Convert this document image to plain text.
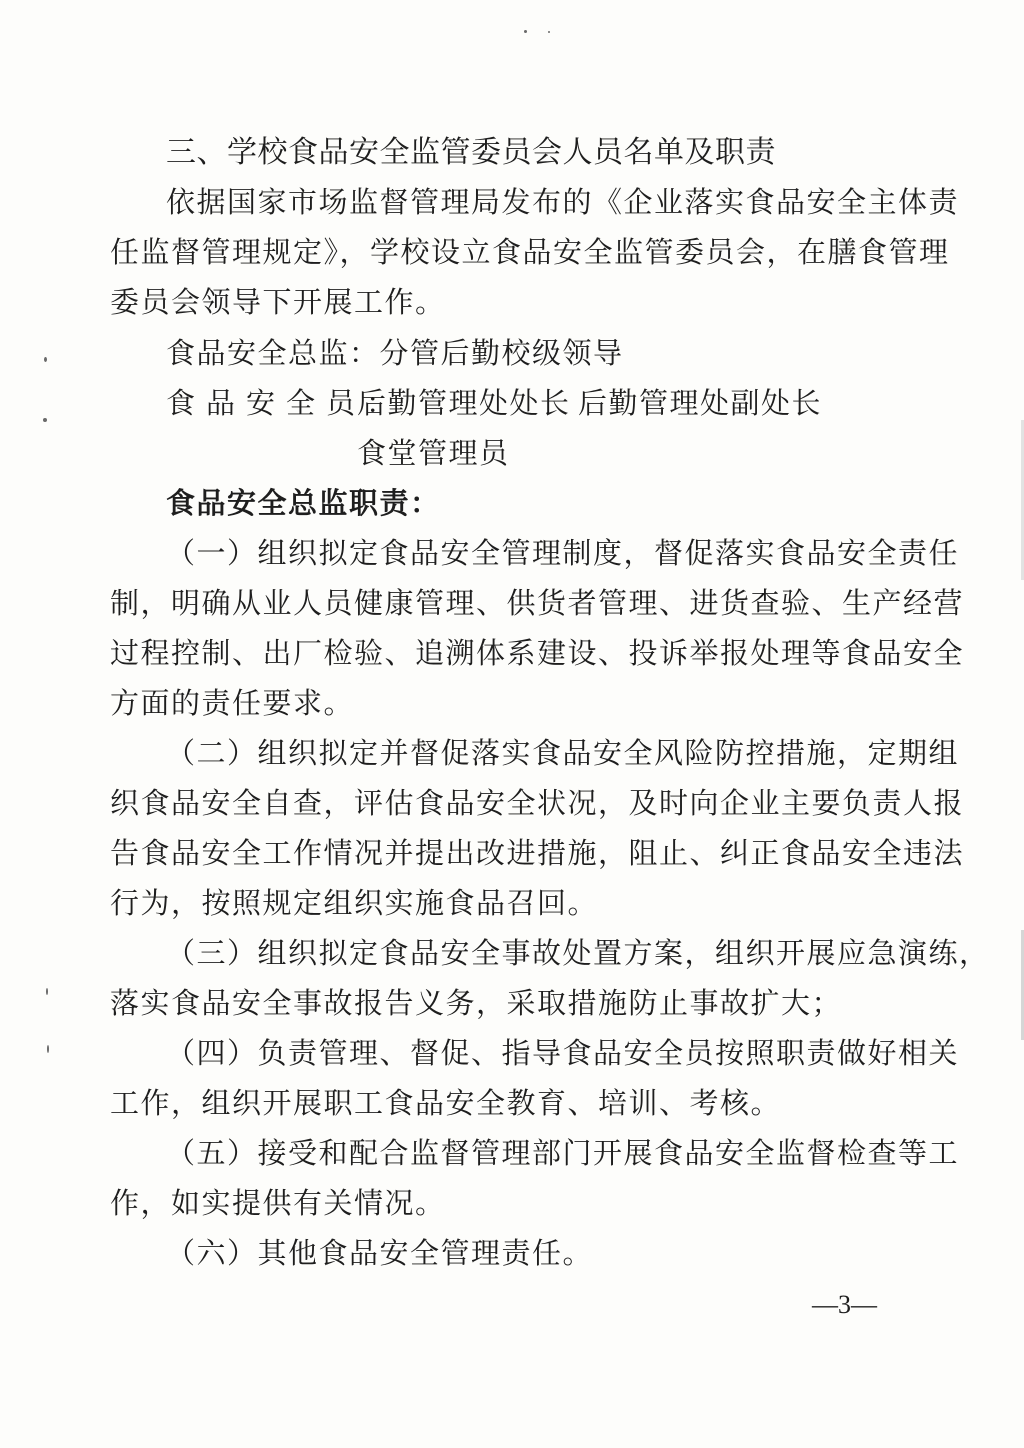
三、学校食品安全监管委员会人员名单及职责
依据国家市场监督管理局发布的《企业落实食品安全主体责
任监督管理规定》，学校设立食品安全监管委员会，在膳食管理
委员会领导下开展工作。
食品安全总监：分管后勤校级领导
食品安全员：
后勤管理处处长 后勤管理处副处长
食堂管理员
食品安全总监职责：
（一）组织拟定食品安全管理制度，督促落实食品安全责任
制，明确从业人员健康管理、供货者管理、进货查验、生产经营
过程控制、出厂检验、追溯体系建设、投诉举报处理等食品安全
方面的责任要求。
（二）组织拟定并督促落实食品安全风险防控措施，定期组
织食品安全自查，评估食品安全状况，及时向企业主要负责人报
告食品安全工作情况并提出改进措施，阻止、纠正食品安全违法
行为，按照规定组织实施食品召回。
（三）组织拟定食品安全事故处置方案，组织开展应急演练，
落实食品安全事故报告义务，采取措施防止事故扩大；
（四）负责管理、督促、指导食品安全员按照职责做好相关
工作，组织开展职工食品安全教育、培训、考核。
（五）接受和配合监督管理部门开展食品安全监督检查等工
作，如实提供有关情况。
（六）其他食品安全管理责任。
—3—
